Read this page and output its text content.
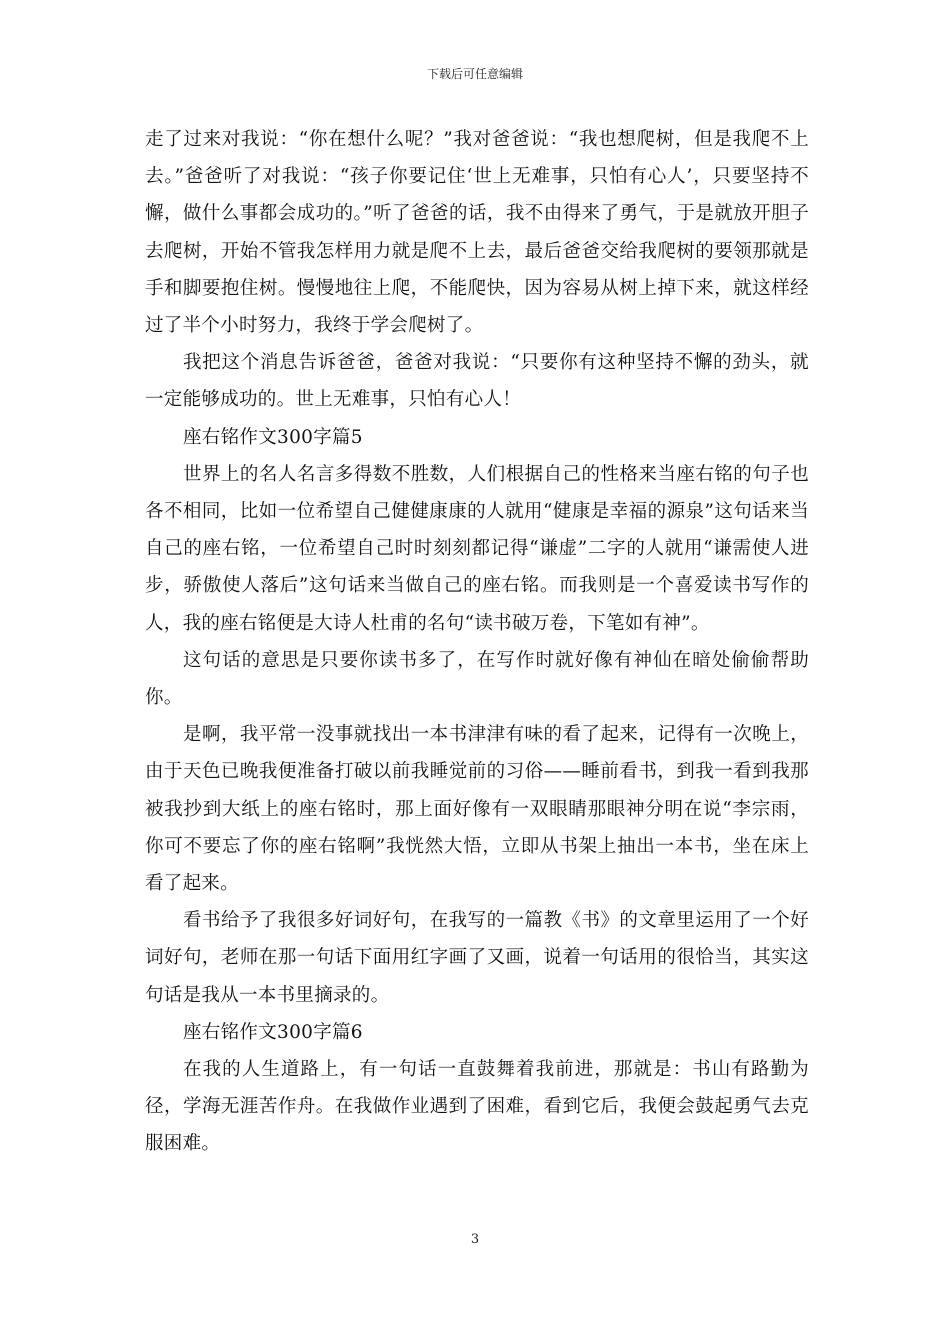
下载后可任意编辑

走了过来对我说：“你在想什么呢？”我对爸爸说：“我也想爬树，但是我爬不上去。”爸爸听了对我说：“孩子你要记住‘世上无难事，只怕有心人’，只要坚持不懈，做什么事都会成功的。”听了爸爸的话，我不由得来了勇气，于是就放开胆子去爬树，开始不管我怎样用力就是爬不上去，最后爸爸交给我爬树的要领那就是手和脚要抱住树。慢慢地往上爬，不能爬快，因为容易从树上掉下来，就这样经过了半个小时努力，我终于学会爬树了。

我把这个消息告诉爸爸，爸爸对我说：“只要你有这种坚持不懈的劲头，就一定能够成功的。世上无难事，只怕有心人！

座右铭作文300字篇5

世界上的名人名言多得数不胜数，人们根据自己的性格来当座右铭的句子也各不相同，比如一位希望自己健健康康的人就用“健康是幸福的源泉”这句话来当自己的座右铭，一位希望自己时时刻刻都记得“谦虚”二字的人就用“谦需使人进步，骄傲使人落后”这句话来当做自己的座右铭。而我则是一个喜爱读书写作的人，我的座右铭便是大诗人杜甫的名句“读书破万卷，下笔如有神”。

这句话的意思是只要你读书多了，在写作时就好像有神仙在暗处偷偷帮助你。

是啊，我平常一没事就找出一本书津津有味的看了起来，记得有一次晚上，由于天色已晚我便准备打破以前我睡觉前的习俗——睡前看书，到我一看到我那被我抄到大纸上的座右铭时，那上面好像有一双眼睛那眼神分明在说“李宗雨，你可不要忘了你的座右铭啊”我恍然大悟，立即从书架上抽出一本书，坐在床上看了起来。

看书给予了我很多好词好句，在我写的一篇教《书》的文章里运用了一个好词好句，老师在那一句话下面用红字画了又画，说着一句话用的很恰当，其实这句话是我从一本书里摘录的。

座右铭作文300字篇6

在我的人生道路上，有一句话一直鼓舞着我前进，那就是：书山有路勤为径，学海无涯苦作舟。在我做作业遇到了困难，看到它后，我便会鼓起勇气去克服困难。

3
